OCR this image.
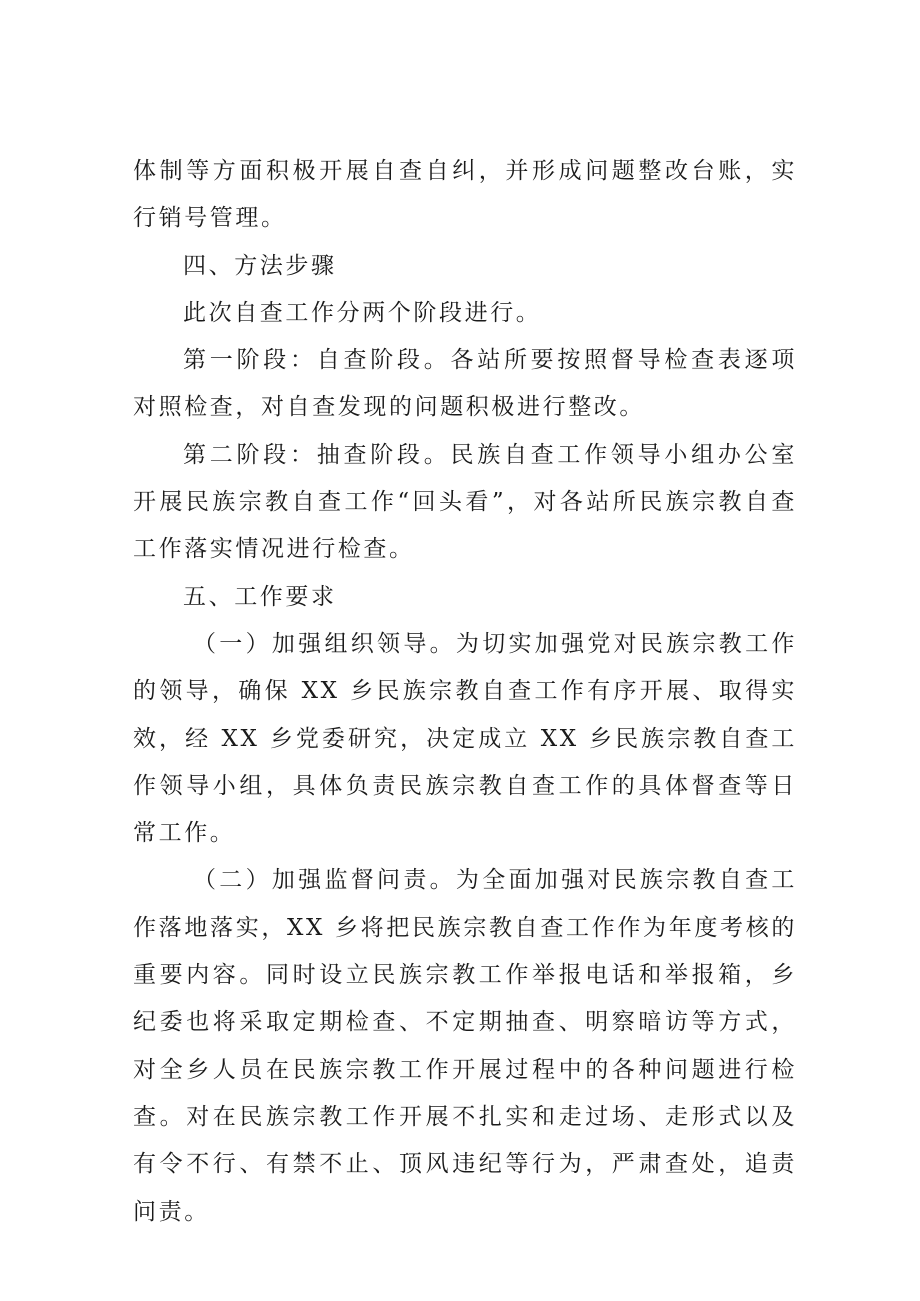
体制等方面积极开展自查自纠，并形成问题整改台账，实行销号管理。

四、方法步骤

此次自查工作分两个阶段进行。

第一阶段：自查阶段。各站所要按照督导检查表逐项对照检查，对自查发现的问题积极进行整改。

第二阶段：抽查阶段。民族自查工作领导小组办公室开展民族宗教自查工作“回头看”，对各站所民族宗教自查工作落实情况进行检查。

五、工作要求

（一）加强组织领导。为切实加强党对民族宗教工作的领导，确保 XX 乡民族宗教自查工作有序开展、取得实效，经 XX 乡党委研究，决定成立 XX 乡民族宗教自查工作领导小组，具体负责民族宗教自查工作的具体督查等日常工作。

（二）加强监督问责。为全面加强对民族宗教自查工作落地落实，XX 乡将把民族宗教自查工作作为年度考核的重要内容。同时设立民族宗教工作举报电话和举报箱，乡纪委也将采取定期检查、不定期抽查、明察暗访等方式，对全乡人员在民族宗教工作开展过程中的各种问题进行检查。对在民族宗教工作开展不扎实和走过场、走形式以及有令不行、有禁不止、顶风违纪等行为，严肃查处，追责问责。
